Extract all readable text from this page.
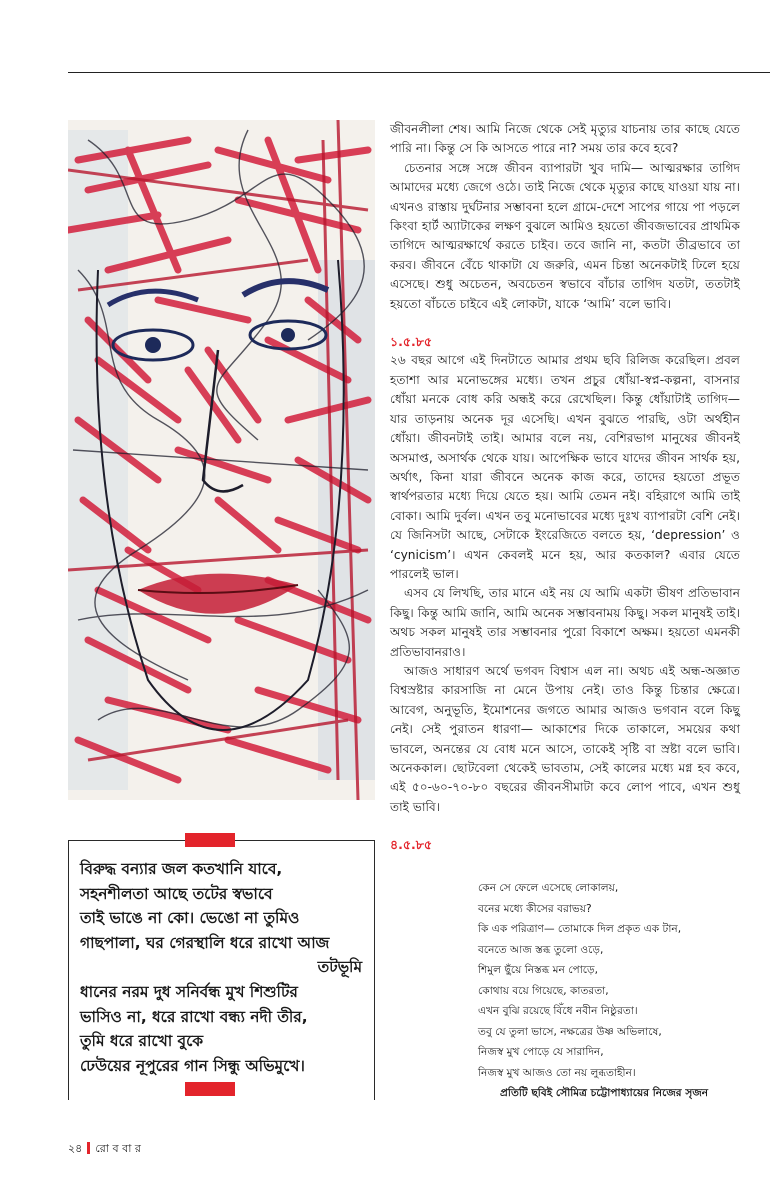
জীবনলীলা শেষ। আমি নিজে থেকে সেই মৃত্যুর যাচনায় তার কাছে যেতে পারি না। কিন্তু সে কি আসতে পারে না? সময় তার কবে হবে?

চেতনার সঙ্গে সঙ্গে জীবন ব্যাপারটা খুব দামি— আত্মরক্ষার তাগিদ আমাদের মধ্যে জেগে ওঠে। তাই নিজে থেকে মৃত্যুর কাছে যাওয়া যায় না। এখনও রাস্তায় দুর্ঘটনার সম্ভাবনা হলে গ্রামে-দেশে সাপের গায়ে পা পড়লে কিংবা হার্ট অ্যাটাকের লক্ষণ বুঝলে আমিও হয়তো জীবজভাবের প্রাথমিক তাগিদে আত্মরক্ষার্থে করতে চাইব। তবে জানি না, কতটা তীব্রভাবে তা করব। জীবনে বেঁচে থাকাটা যে জরুরি, এমন চিন্তা অনেকটাই ঢিলে হয়ে এসেছে। শুধু অচেতন, অবচেতন স্বভাবে বাঁচার তাগিদ যতটা, ততটাই হয়তো বাঁচতে চাইবে এই লোকটা, যাকে ‘আমি’ বলে ভাবি।

১.৫.৮৫

২৬ বছর আগে এই দিনটাতে আমার প্রথম ছবি রিলিজ করেছিল। প্রবল হতাশা আর মনোভঙ্গের মধ্যে। তখন প্রচুর ধোঁয়া-স্বপ্ন-কল্পনা, বাসনার ধোঁয়া মনকে বোধ করি অন্ধই করে রেখেছিল। কিন্তু ধোঁয়াটাই তাগিদ— যার তাড়নায় অনেক দূর এসেছি। এখন বুঝতে পারছি, ওটা অর্থহীন ধোঁয়া। জীবনটাই তাই। আমার বলে নয়, বেশিরভাগ মানুষের জীবনই অসমাপ্ত, অসার্থক থেকে যায়। আপেক্ষিক ভাবে যাদের জীবন সার্থক হয়, অর্থাৎ, কিনা যারা জীবনে অনেক কাজ করে, তাদের হয়তো প্রভূত স্বার্থপরতার মধ্যে দিয়ে যেতে হয়। আমি তেমন নই। বহিরাগে আমি তাই বোকা। আমি দুর্বল। এখন তবু মনোভাবের মধ্যে দুঃখ ব্যাপারটা বেশি নেই। যে জিনিসটা আছে, সেটাকে ইংরেজিতে বলতে হয়, ‘depression’ ও ‘cynicism’। এখন কেবলই মনে হয়, আর কতকাল? এবার যেতে পারলেই ভাল।

এসব যে লিখছি, তার মানে এই নয় যে আমি একটা ভীষণ প্রতিভাবান কিছু। কিন্তু আমি জানি, আমি অনেক সম্ভাবনাময় কিছু। সকল মানুষই তাই। অথচ সকল মানুষই তার সম্ভাবনার পুরো বিকাশে অক্ষম। হয়তো এমনকী প্রতিভাবানরাও।

আজও সাধারণ অর্থে ভগবদ বিশ্বাস এল না। অথচ এই অন্ধ-অজ্ঞাত বিশ্বস্রষ্টার কারসাজি না মেনে উপায় নেই। তাও কিন্তু চিন্তার ক্ষেত্রে। আবেগ, অনুভূতি, ইমোশনের জগতে আমার আজও ভগবান বলে কিছু নেই। সেই পুরাতন ধারণা— আকাশের দিকে তাকালে, সময়ের কথা ভাবলে, অনন্তের যে বোধ মনে আসে, তাকেই সৃষ্টি বা স্রষ্টা বলে ভাবি। অনেককাল। ছোটবেলা থেকেই ভাবতাম, সেই কালের মধ্যে মগ্ন হব কবে, এই ৫০-৬০-৭০-৮০ বছরের জীবনসীমাটা কবে লোপ পাবে, এখন শুধু তাই ভাবি।

৪.৫.৮৫

কেন সে ফেলে এসেছে লোকালয়,
বনের মধ্যে কীসের বরাভয়?
কি এক পরিত্রাণ— তোমাকে দিল প্রকৃত এক টান,
বনেতে আজ স্তব্ধ তুলো ওড়ে,
শিমুল ছুঁয়ে নিস্তব্ধ মন পোড়ে,
কোথায় বয়ে গিয়েছে, কাতরতা,
এখন বুঝি রয়েছে বিঁধে নবীন নিষ্ঠুরতা।
তবু যে তুলা ভাসে, নক্ষত্রের উষ্ণ অভিলাষে,
নিজস্ব মুখ পোড়ে যে সারাদিন,
নিজস্ব মুখ আজও তো নয় লুব্ধতাহীন।
প্রতিটি ছবিই সৌমিত্র চট্টোপাধ্যায়ের নিজের সৃজন
বিরুদ্ধ বন্যার জল কতখানি যাবে,
সহনশীলতা আছে তটের স্বভাবে
তাই ভাঙে না কো। ভেঙো না তুমিও
গাছপালা, ঘর গেরস্থালি ধরে রাখো আজ
তটভূমি
ধানের নরম দুধ সনির্বন্ধ মুখ শিশুটির
ভাসিও না, ধরে রাখো বন্ধ্য নদী তীর,
তুমি ধরে রাখো বুকে
ঢেউয়ের নূপুরের গান সিন্ধু অভিমুখে।
২৪ রো ব বা র
